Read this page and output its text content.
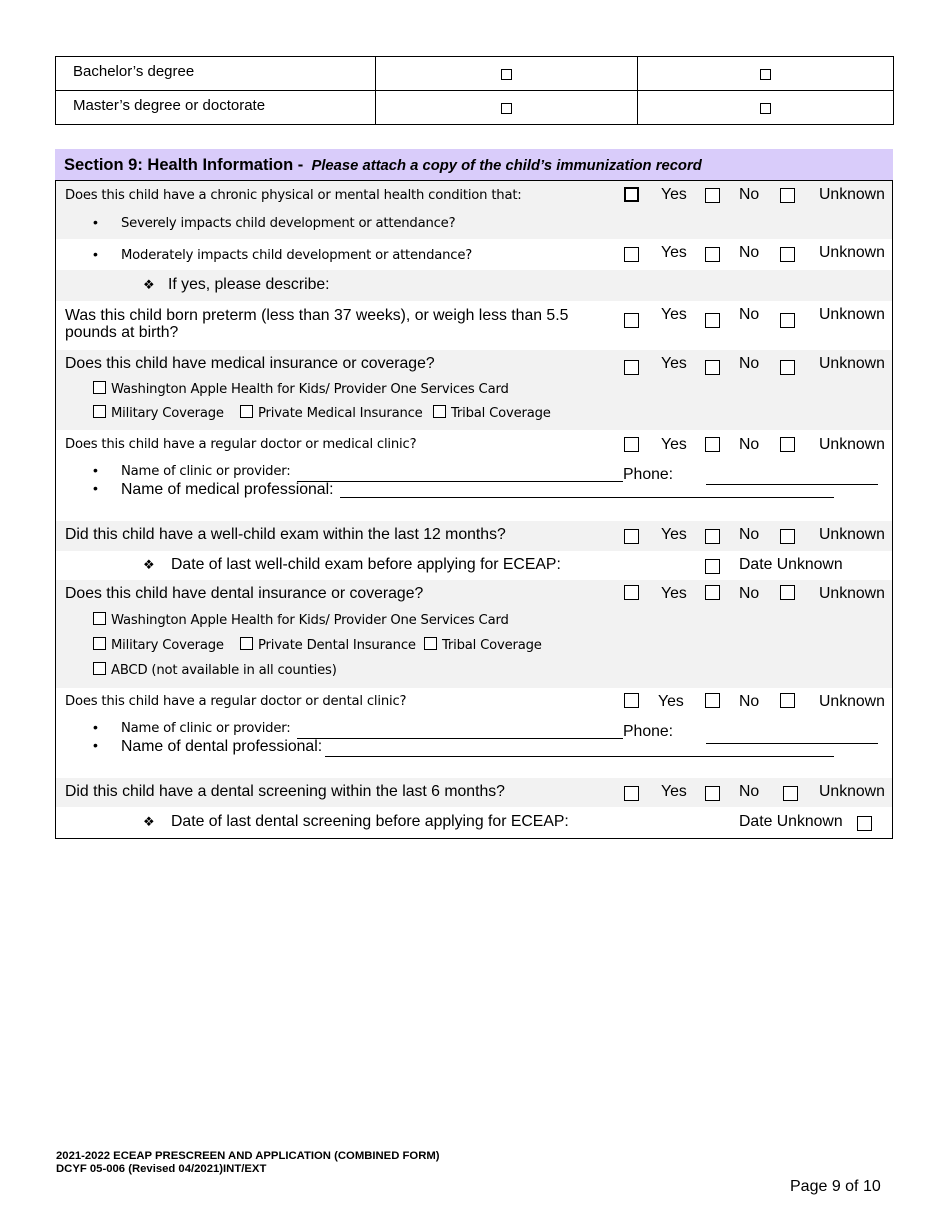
Bachelor’s degree		
Master’s degree or doctorate		
Section 9: Health Information - Please attach a copy of the child’s immunization record
Does this child have a chronic physical or mental health condition that:	Yes	No	Unknown
• Severely impacts child development or attendance?
• Moderately impacts child development or attendance?	Yes	No	Unknown
❖ If yes, please describe:
Was this child born preterm (less than 37 weeks), or weigh less than 5.5
pounds at birth?
Yes	No	Unknown
Does this child have medical insurance or coverage?	Yes	No	Unknown
Washington Apple Health for Kids/ Provider One Services Card
Military Coverage	Private Medical Insurance	Tribal Coverage
Does this child have a regular doctor or medical clinic?	Yes	No	Unknown
• Name of clinic or provider:	Phone:
• Name of medical professional:
Did this child have a well-child exam within the last 12 months?	Yes	No	Unknown
❖ Date of last well-child exam before applying for ECEAP:	Date Unknown
Does this child have dental insurance or coverage?	Yes	No	Unknown
Washington Apple Health for Kids/ Provider One Services Card
Military Coverage	Private Dental Insurance	Tribal Coverage
ABCD (not available in all counties)
Does this child have a regular doctor or dental clinic?	Yes	No	Unknown
• Name of clinic or provider:	Phone:
• Name of dental professional:
Did this child have a dental screening within the last 6 months?	Yes	No	Unknown
❖ Date of last dental screening before applying for ECEAP:	Date Unknown
2021-2022 ECEAP PRESCREEN AND APPLICATION (COMBINED FORM)
DCYF 05-006 (Revised 04/2021)INT/EXT
Page 9 of 10
